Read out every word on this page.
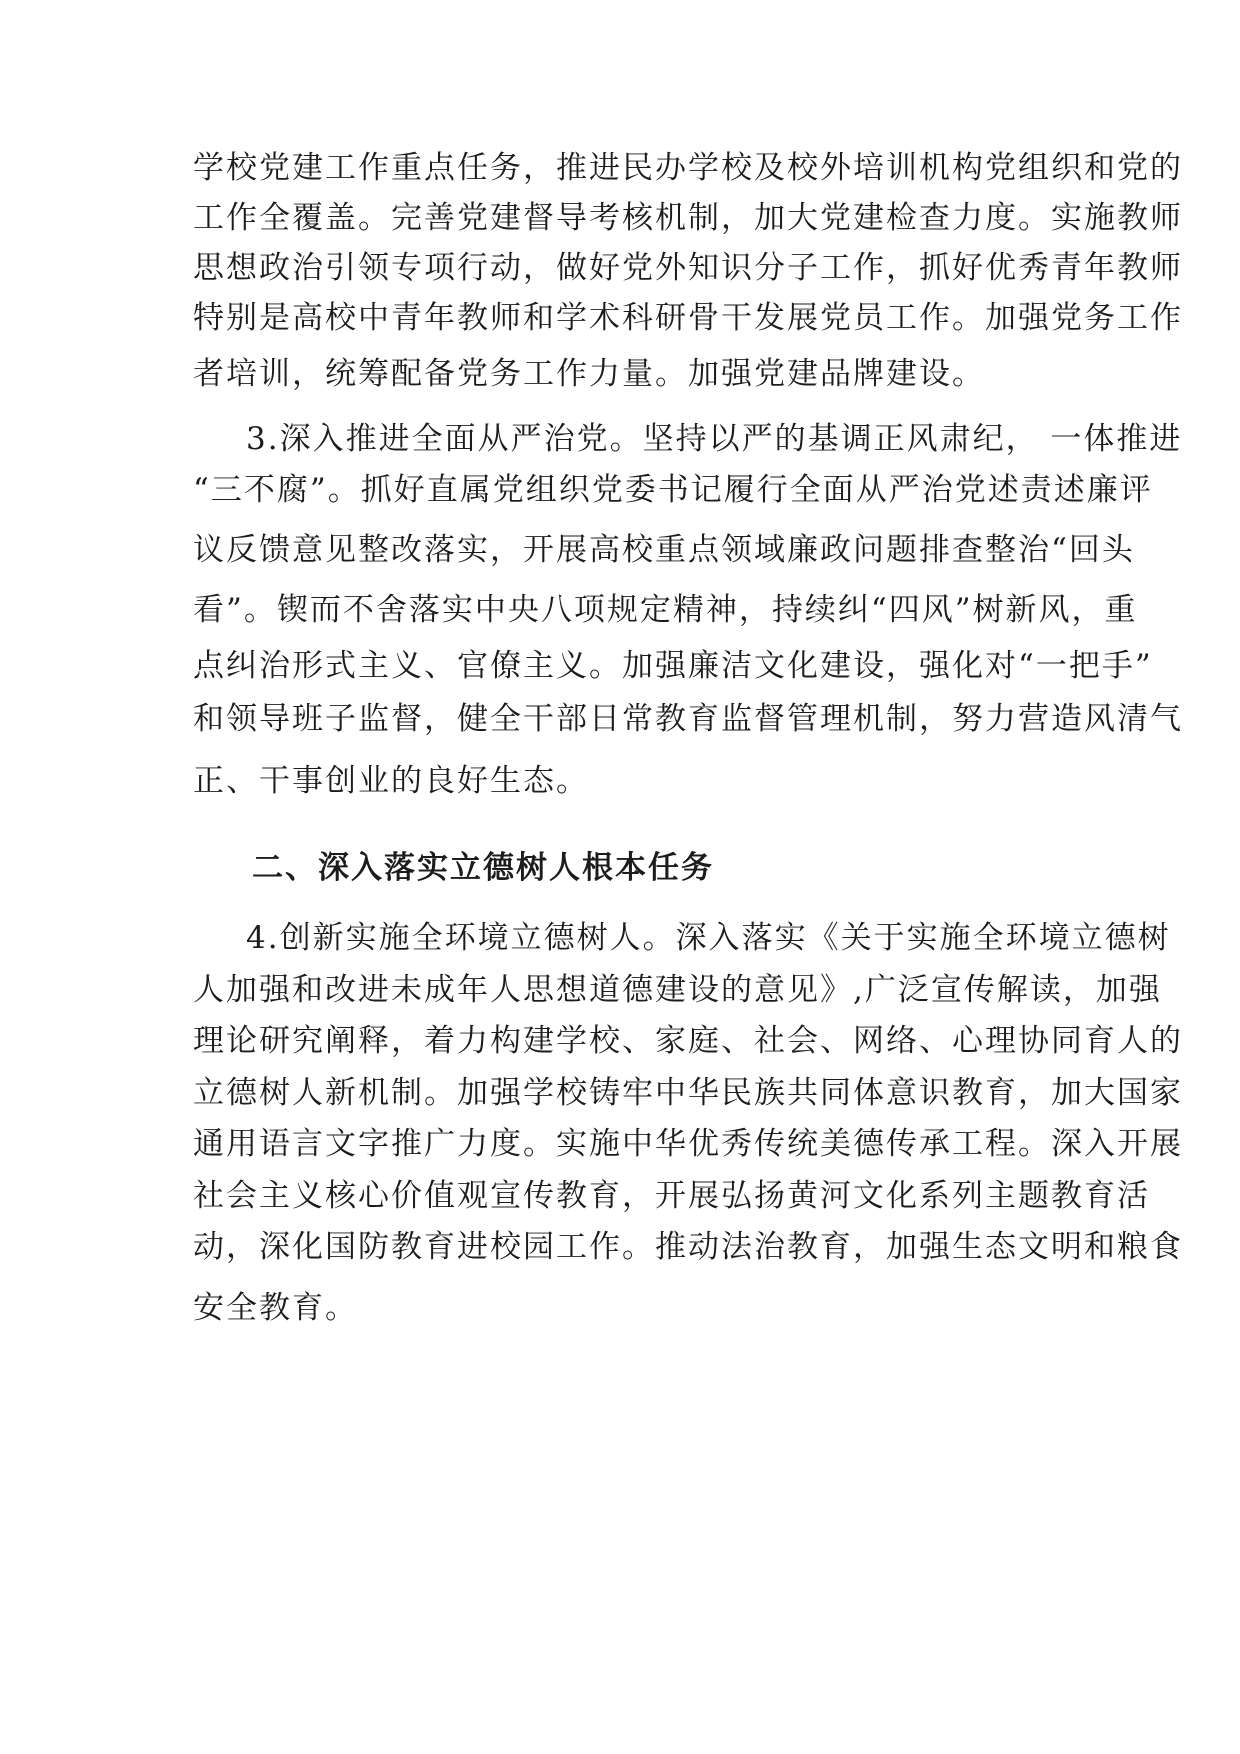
学校党建工作重点任务，推进民办学校及校外培训机构党组织和党的
工作全覆盖。完善党建督导考核机制，加大党建检查力度。实施教师
思想政治引领专项行动，做好党外知识分子工作，抓好优秀青年教师
特别是高校中青年教师和学术科研骨干发展党员工作。加强党务工作
者培训，统筹配备党务工作力量。加强党建品牌建设。
3.深入推进全面从严治党。坚持以严的基调正风肃纪， 一体推进
“三不腐”。抓好直属党组织党委书记履行全面从严治党述责述廉评
议反馈意见整改落实，开展高校重点领域廉政问题排查整治“回头
看”。锲而不舍落实中央八项规定精神，持续纠“四风”树新风，重
点纠治形式主义、官僚主义。加强廉洁文化建设，强化对“一把手”
和领导班子监督，健全干部日常教育监督管理机制，努力营造风清气
正、干事创业的良好生态。
二、深入落实立德树人根本任务
4.创新实施全环境立德树人。深入落实《关于实施全环境立德树
人加强和改进未成年人思想道德建设的意见》,广泛宣传解读，加强
理论研究阐释，着力构建学校、家庭、社会、网络、心理协同育人的
立德树人新机制。加强学校铸牢中华民族共同体意识教育，加大国家
通用语言文字推广力度。实施中华优秀传统美德传承工程。深入开展
社会主义核心价值观宣传教育，开展弘扬黄河文化系列主题教育活
动，深化国防教育进校园工作。推动法治教育，加强生态文明和粮食
安全教育。
